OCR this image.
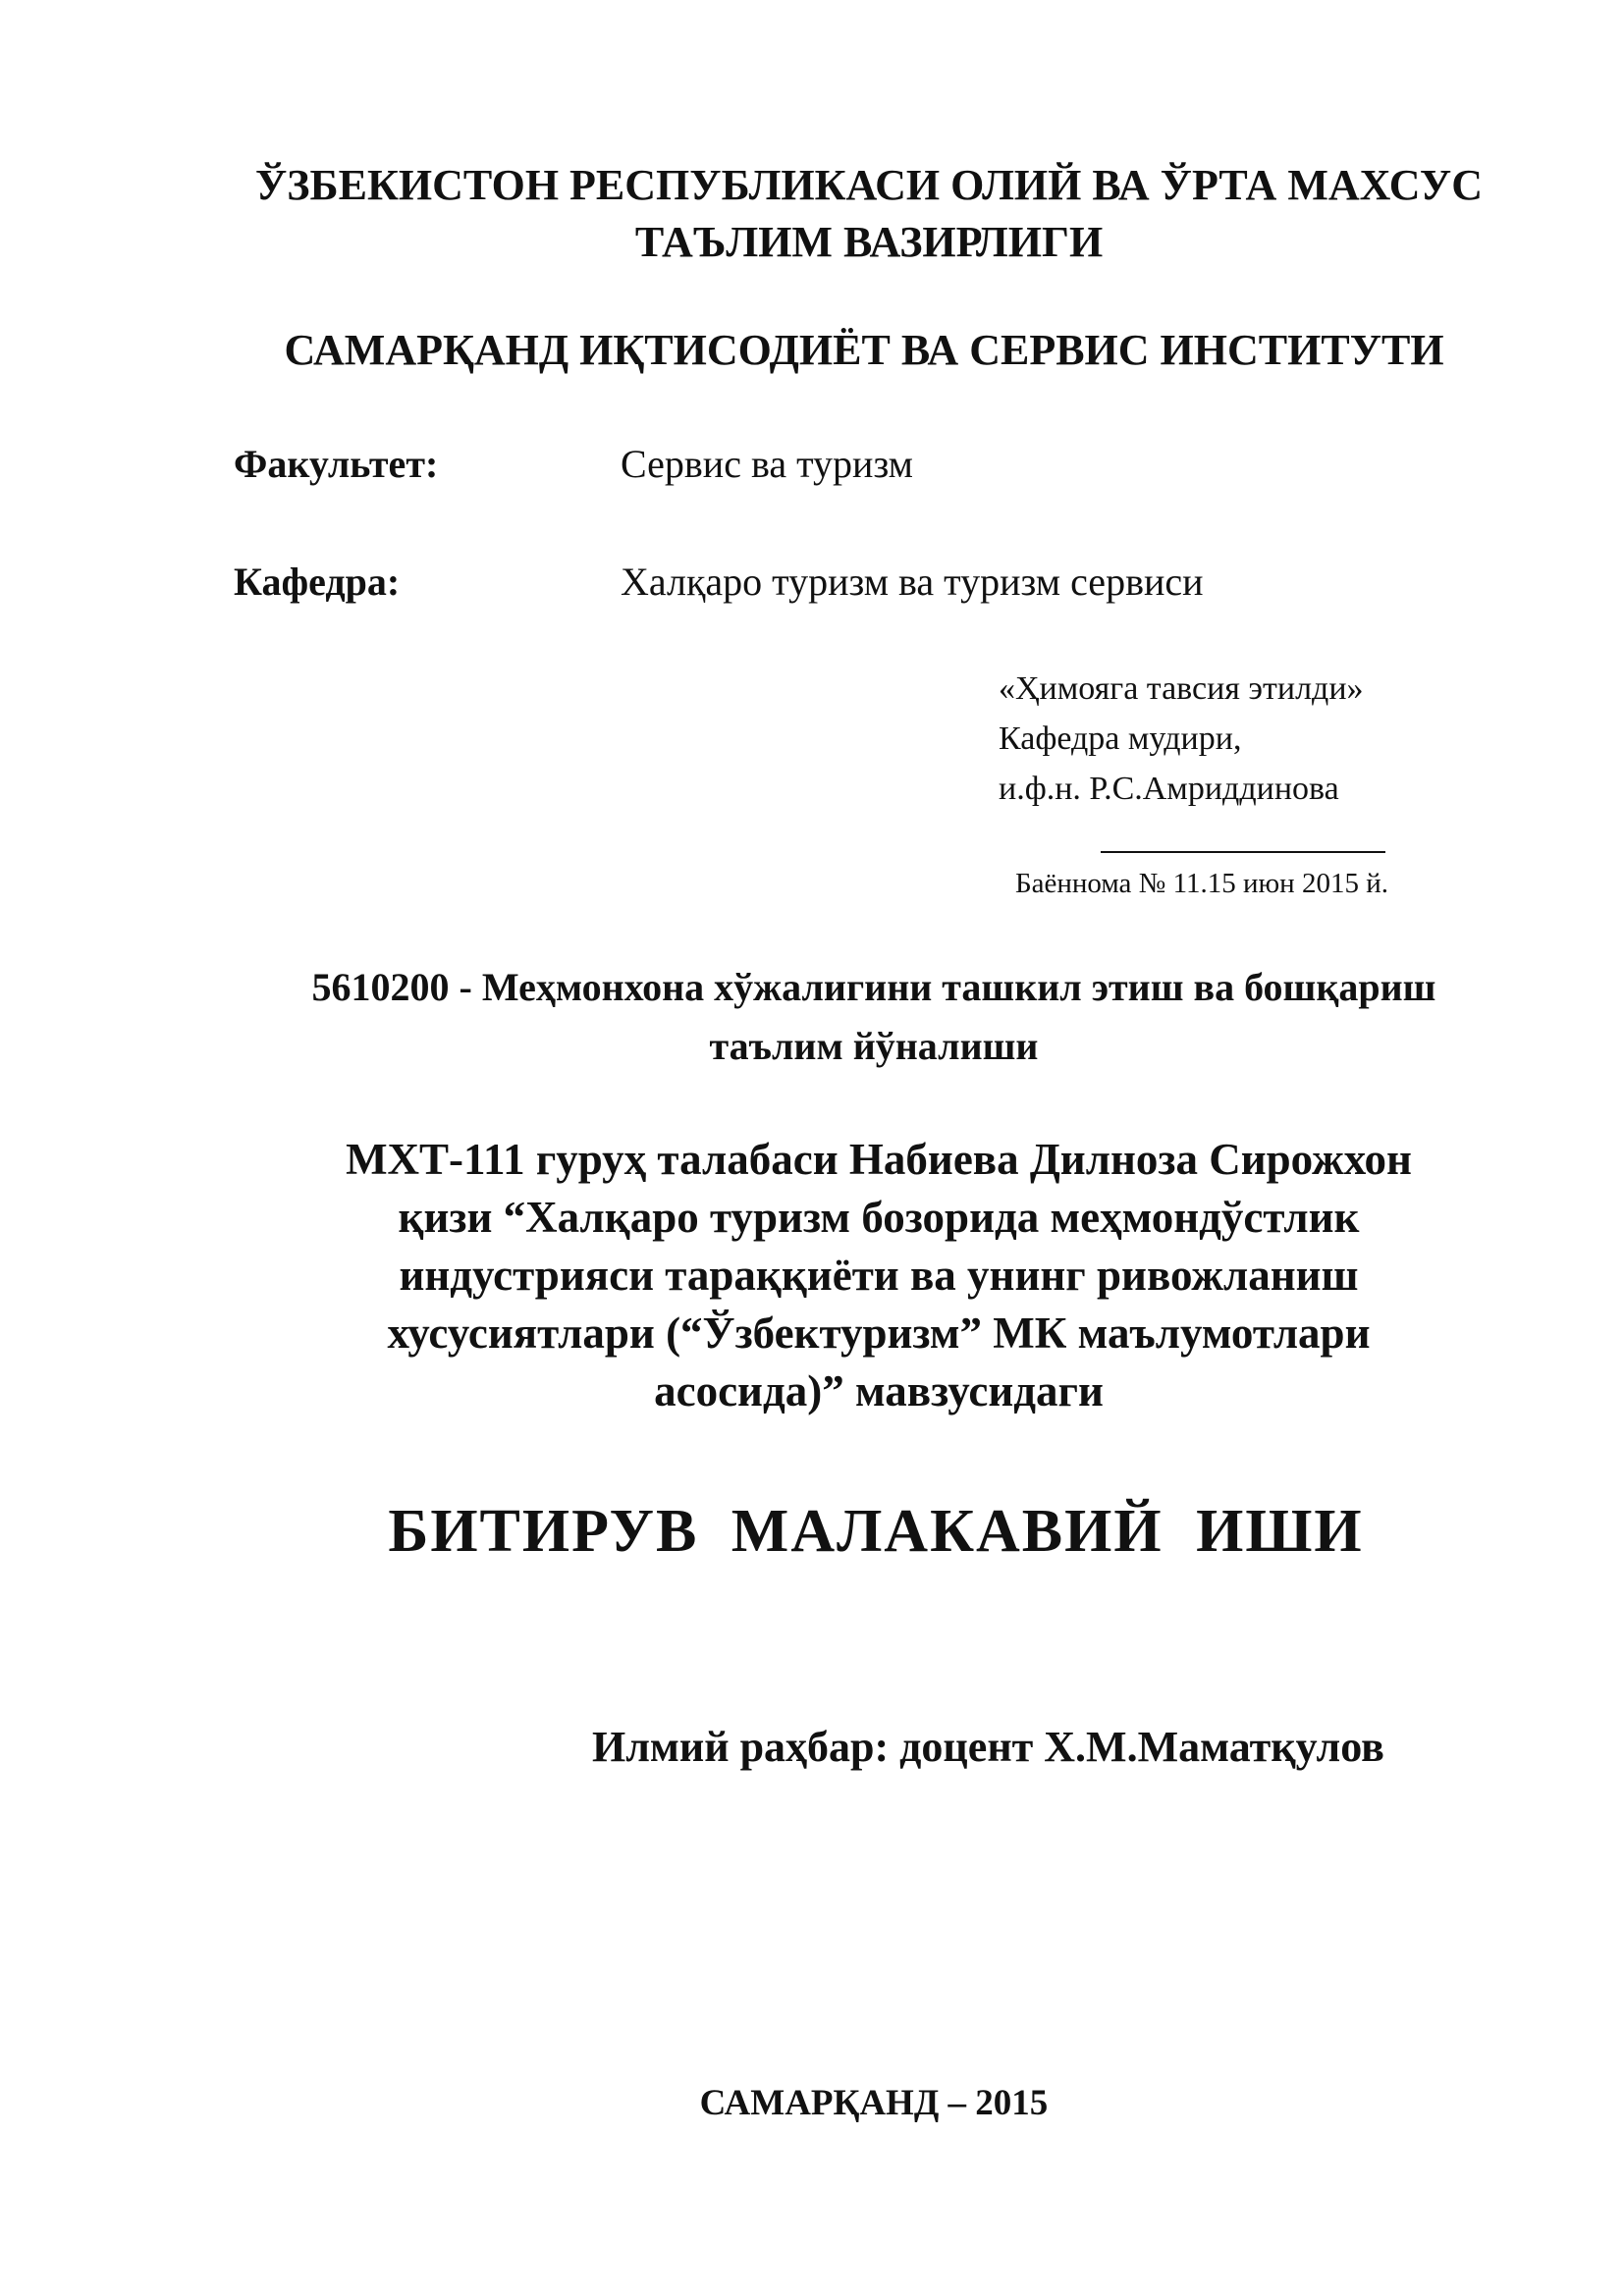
ЎЗБЕКИСТОН РЕСПУБЛИКАСИ ОЛИЙ ВА ЎРТА МАХСУС
ТАЪЛИМ ВАЗИРЛИГИ
САМАРҚАНД ИҚТИСОДИЁТ ВА СЕРВИС ИНСТИТУТИ
Факультет:	Сервис ва туризм
Кафедра:	Халқаро туризм ва туризм сервиси
«Ҳимояга тавсия этилди»
Кафедра мудири,
и.ф.н. Р.С.Амриддинова
Баённома № 11.15 июн 2015 й.
5610200 - Меҳмонхона хўжалигини ташкил этиш ва бошқариш
таълим йўналиши
МХТ-111 гуруҳ талабаси Набиева Дилноза Сирожхон
қизи “Халқаро туризм бозорида меҳмондўстлик
индустрияси тараққиёти ва унинг ривожланиш
хусусиятлари (“Ўзбектуризм” МК маълумотлари
асосида)” мавзусидаги
БИТИРУВ МАЛАКАВИЙ ИШИ
Илмий раҳбар: доцент Х.М.Маматқулов
САМАРҚАНД – 2015
